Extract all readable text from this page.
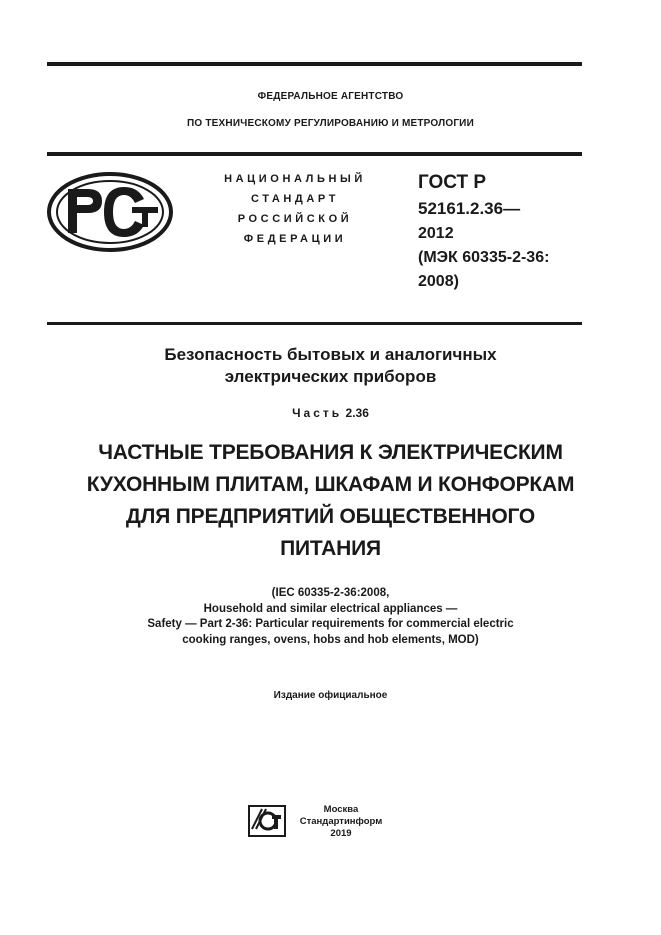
ФЕДЕРАЛЬНОЕ АГЕНТСТВО
ПО ТЕХНИЧЕСКОМУ РЕГУЛИРОВАНИЮ И МЕТРОЛОГИИ
НАЦИОНАЛЬНЫЙ
СТАНДАРТ
РОССИЙСКОЙ
ФЕДЕРАЦИИ
ГОСТ Р
52161.2.36—
2012
(МЭК 60335-2-36:
2008)
Безопасность бытовых и аналогичных
электрических приборов
Часть 2.36
ЧАСТНЫЕ ТРЕБОВАНИЯ К ЭЛЕКТРИЧЕСКИМ
КУХОННЫМ ПЛИТАМ, ШКАФАМ И КОНФОРКАМ
ДЛЯ ПРЕДПРИЯТИЙ ОБЩЕСТВЕННОГО
ПИТАНИЯ
(IEC 60335-2-36:2008,
Household and similar electrical appliances —
Safety — Part 2-36: Particular requirements for commercial electric
cooking ranges, ovens, hobs and hob elements, MOD)
Издание официальное
Москва
Стандартинформ
2019
